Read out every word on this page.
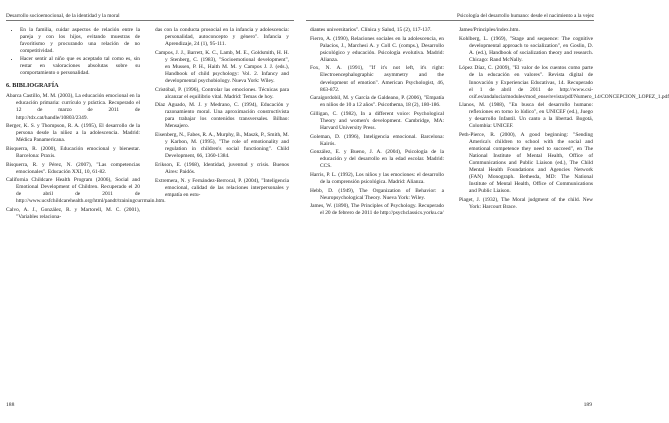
Desarrollo socioemocional, de la identidad y la moral
• En la familia, cuidar aspectos de relación entre la pareja y con los hijos, evitando muestras de favoritismo y procurando una relación de no competitividad.
• Hacer sentir al niño que es aceptado tal como es, sin restar en valoraciones absolutas sobre su comportamiento o personalidad.
6. BIBLIOGRAFÍA

Abarca Castillo, M. M. (2003), La educación emocional en la educación primaria: currículo y práctica. Recuperado el 12 de marzo de 2011 de http://tdx.cat/handle/10803/2349.

Berger, K. S. y Thompson, R. A. (1995), El desarrollo de la persona desde la niñez a la adolescencia. Madrid: Médica Panamericana.

Bisquerra, R. (2000), Educación emocional y bienestar. Barcelona: Praxis.

Bisquerra, R. y Pérez, N. (2007), "Las competencias emocionales". Educación XXI, 10, 61-82.

California Childcare Health Program (2006), Social and Emotional Development of Children. Recuperado el 20 de abril de 2011 de http://www.ucsfchildcarehealth.org/html/pandt/trainingcurrmain.htm.

Calvo, A. J., González, R. y Martorell, M. C. (2001), "Variables relaciona-

das con la conducta prosocial en la infancia y adolescencia: personalidad, autoconcepto y género". Infancia y Aprendizaje, 24 (1), 95-111.

Campos, J. J., Barrett, K. C., Lamb, M. E., Goldsmith, H. H. y Stenberg, C. (1983), "Socioemotional development", en Mussen, P. H., Haith M. M. y Campos J. J. (eds.), Handbook of child psychology: Vol. 2. Infancy and developmental psychobiology. Nueva York: Wiley.

Cristóbal, P. (1996), Controlar las emociones. Técnicas para alcanzar el equilibrio vital. Madrid: Temas de hoy.

Díaz Aguado, M. J. y Medrano, C. (1994), Educación y razonamiento moral. Una aproximación constructivista para trabajar los contenidos transversales. Bilbao: Mensajero.

Eisenberg, N., Fabes, R. A., Murphy, B., Maszk, P., Smith, M. y Karbon, M. (1995), "The role of emotionality and regulation in children's social functioning". Child Development, 66, 1360-1384.

Erikson, E. (1968), Identidad, juventud y crisis. Buenos Aires: Paidós.

Extremera, N. y Fernández-Berrocal, P. (2004), "Inteligencia emocional, calidad de las relaciones interpersonales y empatía en estu-

188
Psicología del desarrollo humano: desde el nacimiento a la vejez

diantes universitarios". Clínica y Salud, 15 (2), 117-137.

Fierro, A. (1990), Relaciones sociales en la adolescencia, en Palacios, J., Marchesi A. y Coll C. (comps.), Desarrollo psicológico y educación. Psicología evolutiva. Madrid: Alianza.

Fox, N. A. (1991), "If it's not left, it's right: Electroencephalographic asymmetry and the development of emotion". American Psychologist, 46, 863-872.

Garaigordobil, M. y García de Galdeano, P. (2006), "Empatía en niños de 10 a 12 años". Psicothema, 18 (2), 180-186.

Gilligan, C. (1982), In a different voice: Psychological Theory and women's development. Cambridge, MA: Harvard University Press.

Goleman, D. (1996), Inteligencia emocional. Barcelona: Kairós.

González, E. y Bueno, J. A. (2004), Psicología de la educación y del desarrollo en la edad escolar. Madrid: CCS.

Harris, P. L. (1992), Los niños y las emociones: el desarrollo de la comprensión psicológica. Madrid: Alianza.

Hebb, D. (1949), The Organization of Behavior: a Neuropsychological Theory. Nueva York: Wiley.

James, W. (1890), The Principles of Psychology. Recuperado el 20 de febrero de 2011 de http://psychclassics.yorku.ca/

James/Principles/index.htm.

Kohlberg, L. (1969), "Stage and sequence: The cognitive developmental approach to socialization", en Goslin, D. A. (ed.), Handbook of socialization theory and research. Chicago: Rand McNally.

López Díaz, C. (2009), "El valor de los cuentos como parte de la educación en valores". Revista digital de Innovación y Experiencias Educativas, 14. Recuperado el 1 de abril de 2011 de http://www.csi-csif.es/andalucia/modules/mod_ense/revista/pdf/Numero_14/CONCEPCION_LOPEZ_1.pdf

Llanos, M. (1988), "En busca del desarrollo humano: reflexiones en torno lo lúdico", en UNICEF (ed.), Juego y desarrollo Infantil. Un canto a la libertad. Bogotá, Colombia: UNICEF.

Peth-Pierce, R. (2000), A good beginning: "Sending America's children to school with the social and emotional competence they need to succeed", en The National Institute of Mental Health, Office of Communications and Public Liaison (ed.), The Child Mental Health Foundations and Agencies Network (FAN) Monograph. Bethesda, MD: The National Institute of Mental Health, Office of Communications and Public Liaison.

Piaget, J. (1932), The Moral judgment of the child. New York: Harcourt Brace.

189
